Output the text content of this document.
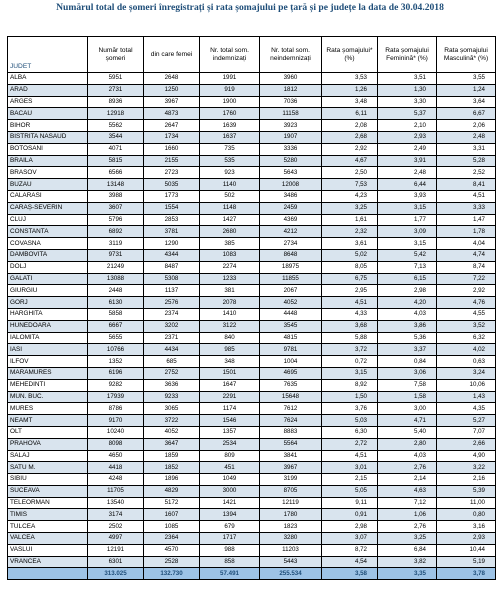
Numărul total de șomeri înregistrați și rata șomajului pe țară și pe județe la data de 30.04.2018
JUDET	Număr total șomeri	din care femei	Nr. total som. indemnizați	Nr. total som. neindemnizați	Rata șomajului* (%)	Rata șomajului Feminină* (%)	Rata șomajului Masculină* (%)
ALBA	5951	2648	1991	3960	3,53	3,51	3,55
ARAD	2731	1250	919	1812	1,26	1,30	1,24
ARGES	8936	3967	1900	7036	3,48	3,30	3,64
BACAU	12918	4873	1760	11158	6,11	5,37	6,67
BIHOR	5562	2647	1639	3923	2,08	2,10	2,06
BISTRITA NASAUD	3544	1734	1637	1907	2,68	2,93	2,48
BOTOSANI	4071	1660	735	3336	2,92	2,49	3,31
BRAILA	5815	2155	535	5280	4,67	3,91	5,28
BRASOV	6566	2723	923	5643	2,50	2,48	2,52
BUZAU	13148	5035	1140	12008	7,53	6,44	8,41
CALARASI	3988	1773	502	3486	4,23	3,93	4,51
CARAȘ-SEVERIN	3607	1554	1148	2459	3,25	3,15	3,33
CLUJ	5796	2853	1427	4369	1,61	1,77	1,47
CONSTANTA	6892	3781	2680	4212	2,32	3,09	1,78
COVASNA	3119	1290	385	2734	3,61	3,15	4,04
DAMBOVITA	9731	4344	1083	8648	5,02	5,42	4,74
DOLJ	21249	8487	2274	18975	8,05	7,13	8,74
GALATI	13088	5308	1233	11855	6,75	6,15	7,22
GIURGIU	2448	1137	381	2067	2,95	2,98	2,92
GORJ	6130	2576	2078	4052	4,51	4,20	4,76
HARGHITA	5858	2374	1410	4448	4,33	4,03	4,55
HUNEDOARA	6667	3202	3122	3545	3,68	3,86	3,52
IALOMITA	5655	2371	840	4815	5,88	5,36	6,32
IASI	10766	4434	985	9781	3,72	3,37	4,02
ILFOV	1352	685	348	1004	0,72	0,84	0,63
MARAMURES	6196	2752	1501	4695	3,15	3,06	3,24
MEHEDINTI	9282	3636	1647	7635	8,92	7,58	10,06
MUN. BUC.	17939	9233	2291	15648	1,50	1,58	1,43
MURES	8786	3065	1174	7612	3,76	3,00	4,35
NEAMT	9170	3722	1546	7624	5,03	4,71	5,27
OLT	10240	4052	1357	8883	6,30	5,40	7,07
PRAHOVA	8098	3647	2534	5564	2,72	2,80	2,66
SALAJ	4650	1859	809	3841	4,51	4,03	4,90
SATU M.	4418	1852	451	3967	3,01	2,76	3,22
SIBIU	4248	1896	1049	3199	2,15	2,14	2,16
SUCEAVA	11705	4829	3000	8705	5,05	4,63	5,39
TELEORMAN	13540	5172	1421	12119	9,11	7,12	11,00
TIMIS	3174	1607	1394	1780	0,91	1,06	0,80
TULCEA	2502	1085	679	1823	2,98	2,76	3,16
VALCEA	4997	2364	1717	3280	3,07	3,25	2,93
VASLUI	12191	4570	988	11203	8,72	6,84	10,44
VRANCEA	6301	2528	858	5443	4,54	3,82	5,19
	313.025	132.730	57.491	255.534	3,58	3,35	3,78
